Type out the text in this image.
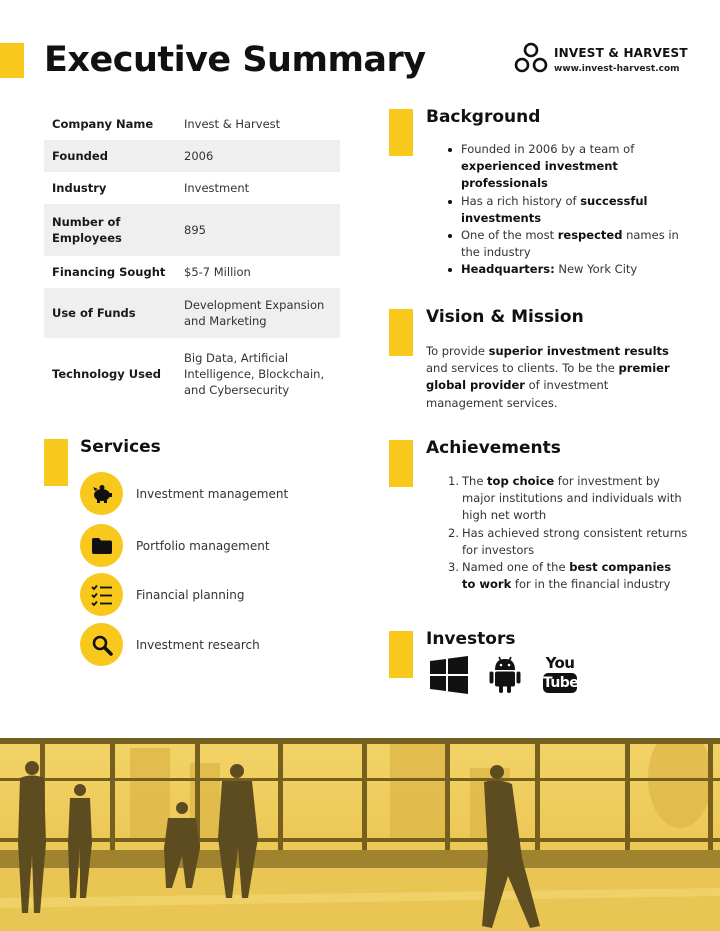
Executive Summary	INVEST & HARVEST
www.invest-harvest.com
Company Name	Invest & Harvest
Founded	2006
Industry	Investment
Number of Employees	895
Financing Sought	$5-7 Million
Use of Funds	Development Expansion and Marketing
Technology Used	Big Data, Artificial Intelligence, Blockchain, and Cybersecurity
Background
Founded in 2006 by a team of experienced investment professionals
Has a rich history of successful investments
One of the most respected names in the industry
Headquarters: New York City
Vision & Mission
To provide superior investment results and services to clients. To be the premier global provider of investment management services.
Services
Investment management
Portfolio management
Financial planning
Investment research
Achievements
1. The top choice for investment by major institutions and individuals with high net worth
2. Has achieved strong consistent returns for investors
3. Named one of the best companies to work for in the financial industry
Investors
You
Tube
